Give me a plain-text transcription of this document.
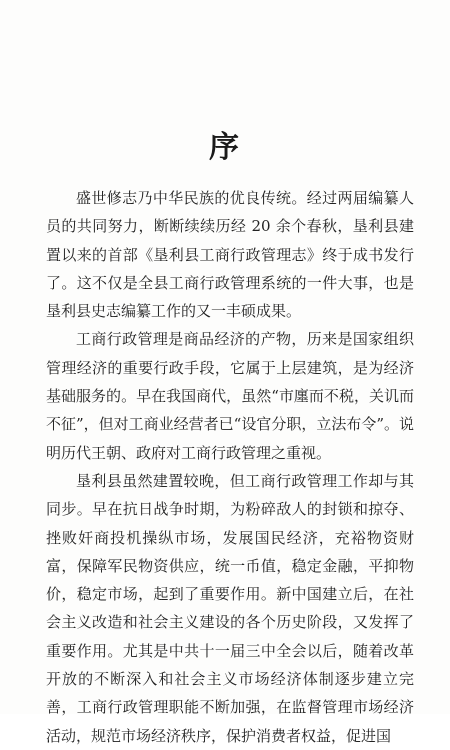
序

盛世修志乃中华民族的优良传统。经过两届编纂人员的共同努力，断断续续历经 20 余个春秋，垦利县建置以来的首部《垦利县工商行政管理志》终于成书发行了。这不仅是全县工商行政管理系统的一件大事，也是垦利县史志编纂工作的又一丰硕成果。

工商行政管理是商品经济的产物，历来是国家组织管理经济的重要行政手段，它属于上层建筑，是为经济基础服务的。早在我国商代，虽然“市廛而不税，关讥而不征”，但对工商业经营者已“设官分职，立法布令”。说明历代王朝、政府对工商行政管理之重视。

垦利县虽然建置较晚，但工商行政管理工作却与其同步。早在抗日战争时期，为粉碎敌人的封锁和掠夺、挫败奸商投机操纵市场，发展国民经济，充裕物资财富，保障军民物资供应，统一币值，稳定金融，平抑物价，稳定市场，起到了重要作用。新中国建立后，在社会主义改造和社会主义建设的各个历史阶段，又发挥了重要作用。尤其是中共十一届三中全会以后，随着改革开放的不断深入和社会主义市场经济体制逐步建立完善，工商行政管理职能不断加强，在监督管理市场经济活动，规范市场经济秩序，保护消费者权益，促进国
